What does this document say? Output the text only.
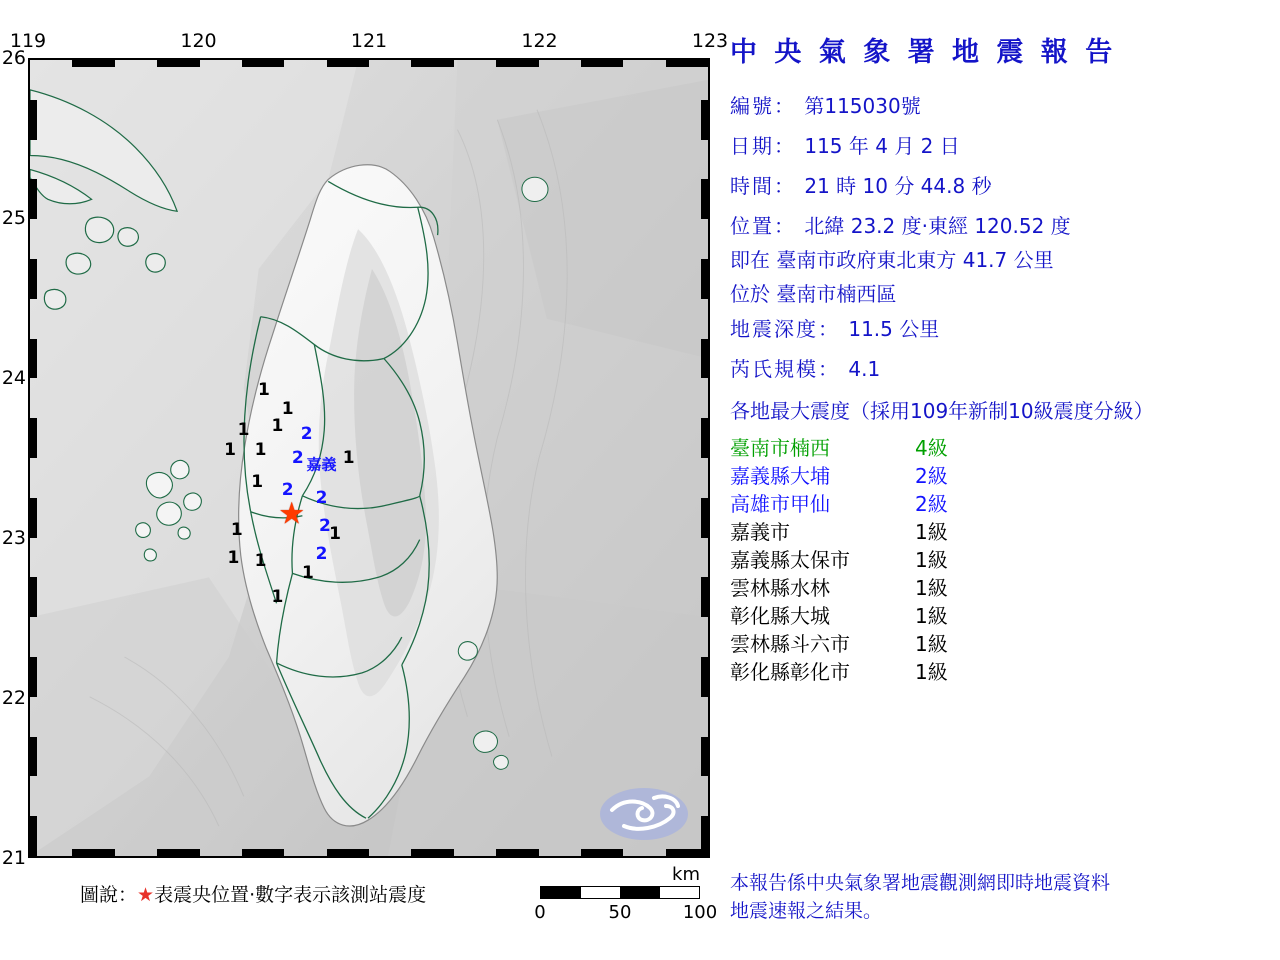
119	120	121	122	123
26
25
24
23
22
21
1
1
1 1 2
1 1 2 1
1 2 2
2
1	1
2
1 1
1
1
嘉義
★
圖說：★表震央位置‧數字表示該測站震度
km
0	50	100
中 央 氣 象 署 地 震 報 告
編號： 第115030號
日期： 115 年 4 月 2 日
時間： 21 時 10 分 44.8 秒
位置： 北緯 23.2 度‧東經 120.52 度
即在 臺南市政府東北東方 41.7 公里
位於 臺南市楠西區
地震深度： 11.5 公里
芮氏規模： 4.1
各地最大震度（採用109年新制10級震度分級）
臺南市楠西	4級
嘉義縣大埔	2級
高雄市甲仙	2級
嘉義市	1級
嘉義縣太保市	1級
雲林縣水林	1級
彰化縣大城	1級
雲林縣斗六市	1級
彰化縣彰化市	1級
本報告係中央氣象署地震觀測網即時地震資料
地震速報之結果。
